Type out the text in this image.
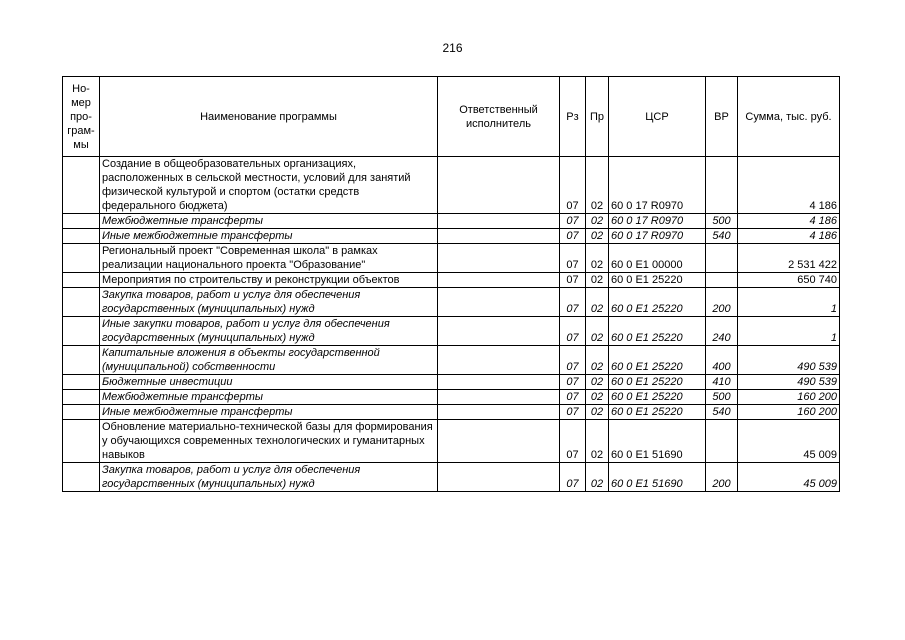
216
Но-мер про-грам-мы	Наименование программы	Ответственный исполнитель	Рз	Пр	ЦСР	ВР	Сумма, тыс. руб.
	Создание в общеобразовательных организациях, расположенных в сельской местности, условий для занятий физической культурой и спортом (остатки средств федерального бюджета)		07	02	60 0 17 R0970		4 186
	Межбюджетные трансферты		07	02	60 0 17 R0970	500	4 186
	Иные межбюджетные трансферты		07	02	60 0 17 R0970	540	4 186
	Региональный проект "Современная школа" в рамках реализации национального проекта "Образование"		07	02	60 0 E1 00000		2 531 422
	Мероприятия по строительству и реконструкции объектов		07	02	60 0 E1 25220		650 740
	Закупка товаров, работ и услуг для обеспечения государственных (муниципальных) нужд		07	02	60 0 E1 25220	200	1
	Иные закупки товаров, работ и услуг для обеспечения государственных (муниципальных) нужд		07	02	60 0 E1 25220	240	1
	Капитальные вложения в объекты государственной (муниципальной) собственности		07	02	60 0 E1 25220	400	490 539
	Бюджетные инвестиции		07	02	60 0 E1 25220	410	490 539
	Межбюджетные трансферты		07	02	60 0 E1 25220	500	160 200
	Иные межбюджетные трансферты		07	02	60 0 E1 25220	540	160 200
	Обновление материально-технической базы для формирования у обучающихся современных технологических и гуманитарных навыков		07	02	60 0 E1 51690		45 009
	Закупка товаров, работ и услуг для обеспечения государственных (муниципальных) нужд		07	02	60 0 E1 51690	200	45 009
